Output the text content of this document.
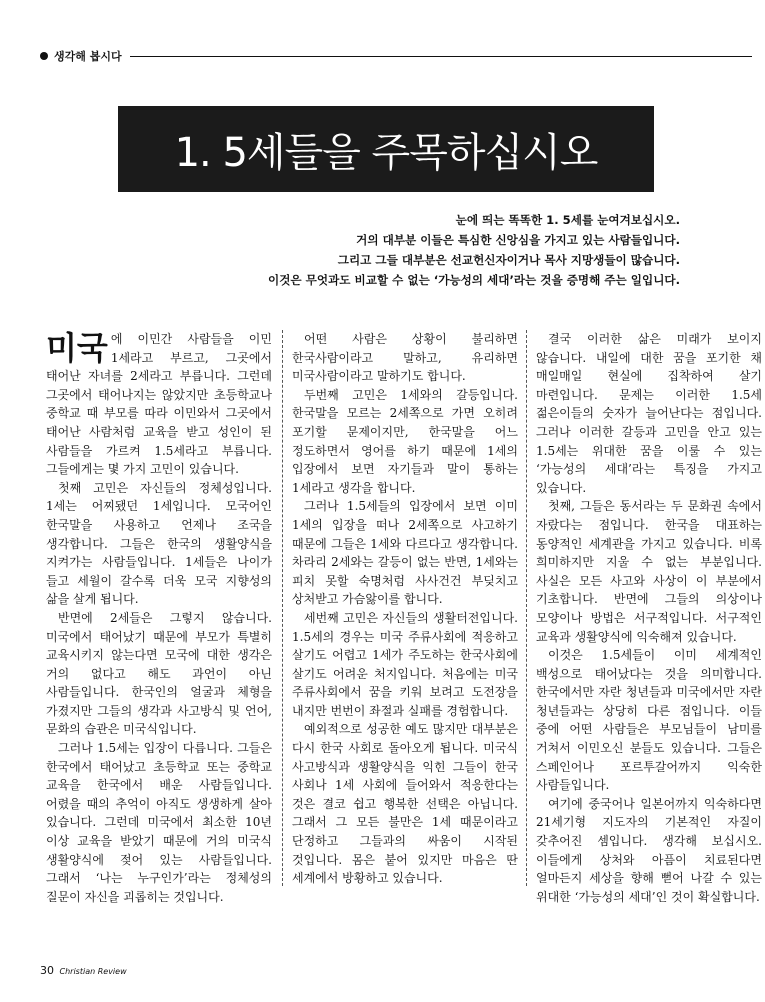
생각해 봅시다
1. 5세들을 주목하십시오
눈에 띄는 똑똑한 1. 5세를 눈여겨보십시오.
거의 대부분 이들은 특심한 신앙심을 가지고 있는 사람들입니다.
그리고 그들 대부분은 선교헌신자이거나 목사 지망생들이 많습니다.
이것은 무엇과도 비교할 수 없는 ‘가능성의 세대’라는 것을 증명해 주는 일입니다.

미국 에 이민간 사람들을 이민 1세라고 부르고, 그곳에서 태어난 자녀를 2세라고 부릅니다. 그런데 그곳에서 태어나지는 않았지만 초등학교나 중학교 때 부모를 따라 이민와서 그곳에서 태어난 사람처럼 교육을 받고 성인이 된 사람들을 가르켜 1.5세라고 부릅니다. 그들에게는 몇 가지 고민이 있습니다.

첫째 고민은 자신들의 정체성입니다. 1세는 어찌됐던 1세입니다. 모국어인 한국말을 사용하고 언제나 조국을 생각합니다. 그들은 한국의 생활양식을 지켜가는 사람들입니다. 1세들은 나이가 들고 세월이 갈수록 더욱 모국 지향성의 삶을 살게 됩니다.

반면에 2세들은 그렇지 않습니다. 미국에서 태어났기 때문에 부모가 특별히 교육시키지 않는다면 모국에 대한 생각은 거의 없다고 해도 과언이 아닌 사람들입니다. 한국인의 얼굴과 체형을 가졌지만 그들의 생각과 사고방식 및 언어, 문화의 습관은 미국식입니다.

그러나 1.5세는 입장이 다릅니다. 그들은 한국에서 태어났고 초등학교 또는 중학교 교육을 한국에서 배운 사람들입니다. 어렸을 때의 추억이 아직도 생생하게 살아 있습니다. 그런데 미국에서 최소한 10년 이상 교육을 받았기 때문에 거의 미국식 생활양식에 젖어 있는 사람들입니다. 그래서 ‘나는 누구인가’라는 정체성의 질문이 자신을 괴롭히는 것입니다.

어떤 사람은 상황이 불리하면 한국사람이라고 말하고, 유리하면 미국사람이라고 말하기도 합니다.

두번째 고민은 1세와의 갈등입니다. 한국말을 모르는 2세쪽으로 가면 오히려 포기할 문제이지만, 한국말을 어느 정도하면서 영어를 하기 때문에 1세의 입장에서 보면 자기들과 말이 통하는 1세라고 생각을 합니다.

그러나 1.5세들의 입장에서 보면 이미 1세의 입장을 떠나 2세쪽으로 사고하기 때문에 그들은 1세와 다르다고 생각합니다. 차라리 2세와는 갈등이 없는 반면, 1세와는 피치 못할 숙명처럼 사사건건 부딪치고 상처받고 가슴앓이를 합니다.

세번째 고민은 자신들의 생활터전입니다. 1.5세의 경우는 미국 주류사회에 적응하고 살기도 어렵고 1세가 주도하는 한국사회에 살기도 어려운 처지입니다. 처음에는 미국 주류사회에서 꿈을 키워 보려고 도전장을 내지만 번번이 좌절과 실패를 경험합니다.

예외적으로 성공한 예도 많지만 대부분은 다시 한국 사회로 돌아오게 됩니다. 미국식 사고방식과 생활양식을 익힌 그들이 한국 사회나 1세 사회에 들어와서 적응한다는 것은 결코 쉽고 행복한 선택은 아닙니다. 그래서 그 모든 불만은 1세 때문이라고 단정하고 그들과의 싸움이 시작된 것입니다. 몸은 붙어 있지만 마음은 딴 세계에서 방황하고 있습니다.

결국 이러한 삶은 미래가 보이지 않습니다. 내일에 대한 꿈을 포기한 채 매일매일 현실에 집착하여 살기 마련입니다. 문제는 이러한 1.5세 젊은이들의 숫자가 늘어난다는 점입니다. 그러나 이러한 갈등과 고민을 안고 있는 1.5세는 위대한 꿈을 이룰 수 있는 ‘가능성의 세대’라는 특징을 가지고 있습니다.

첫째, 그들은 동서라는 두 문화권 속에서 자랐다는 점입니다. 한국을 대표하는 동양적인 세계관을 가지고 있습니다. 비록 희미하지만 지울 수 없는 부분입니다. 사실은 모든 사고와 사상이 이 부분에서 기초합니다. 반면에 그들의 의상이나 모양이나 방법은 서구적입니다. 서구적인 교육과 생활양식에 익숙해져 있습니다.

이것은 1.5세들이 이미 세계적인 백성으로 태어났다는 것을 의미합니다. 한국에서만 자란 청년들과 미국에서만 자란 청년들과는 상당히 다른 점입니다. 이들 중에 어떤 사람들은 부모님들이 남미를 거쳐서 이민오신 분들도 있습니다. 그들은 스페인어나 포르투갈어까지 익숙한 사람들입니다.

여기에 중국어나 일본어까지 익숙하다면 21세기형 지도자의 기본적인 자질이 갖추어진 셈입니다. 생각해 보십시오. 이들에게 상처와 아픔이 치료된다면 얼마든지 세상을 향해 뻗어 나갈 수 있는 위대한 ‘가능성의 세대’인 것이 확실합니다.

30 Christian Review
